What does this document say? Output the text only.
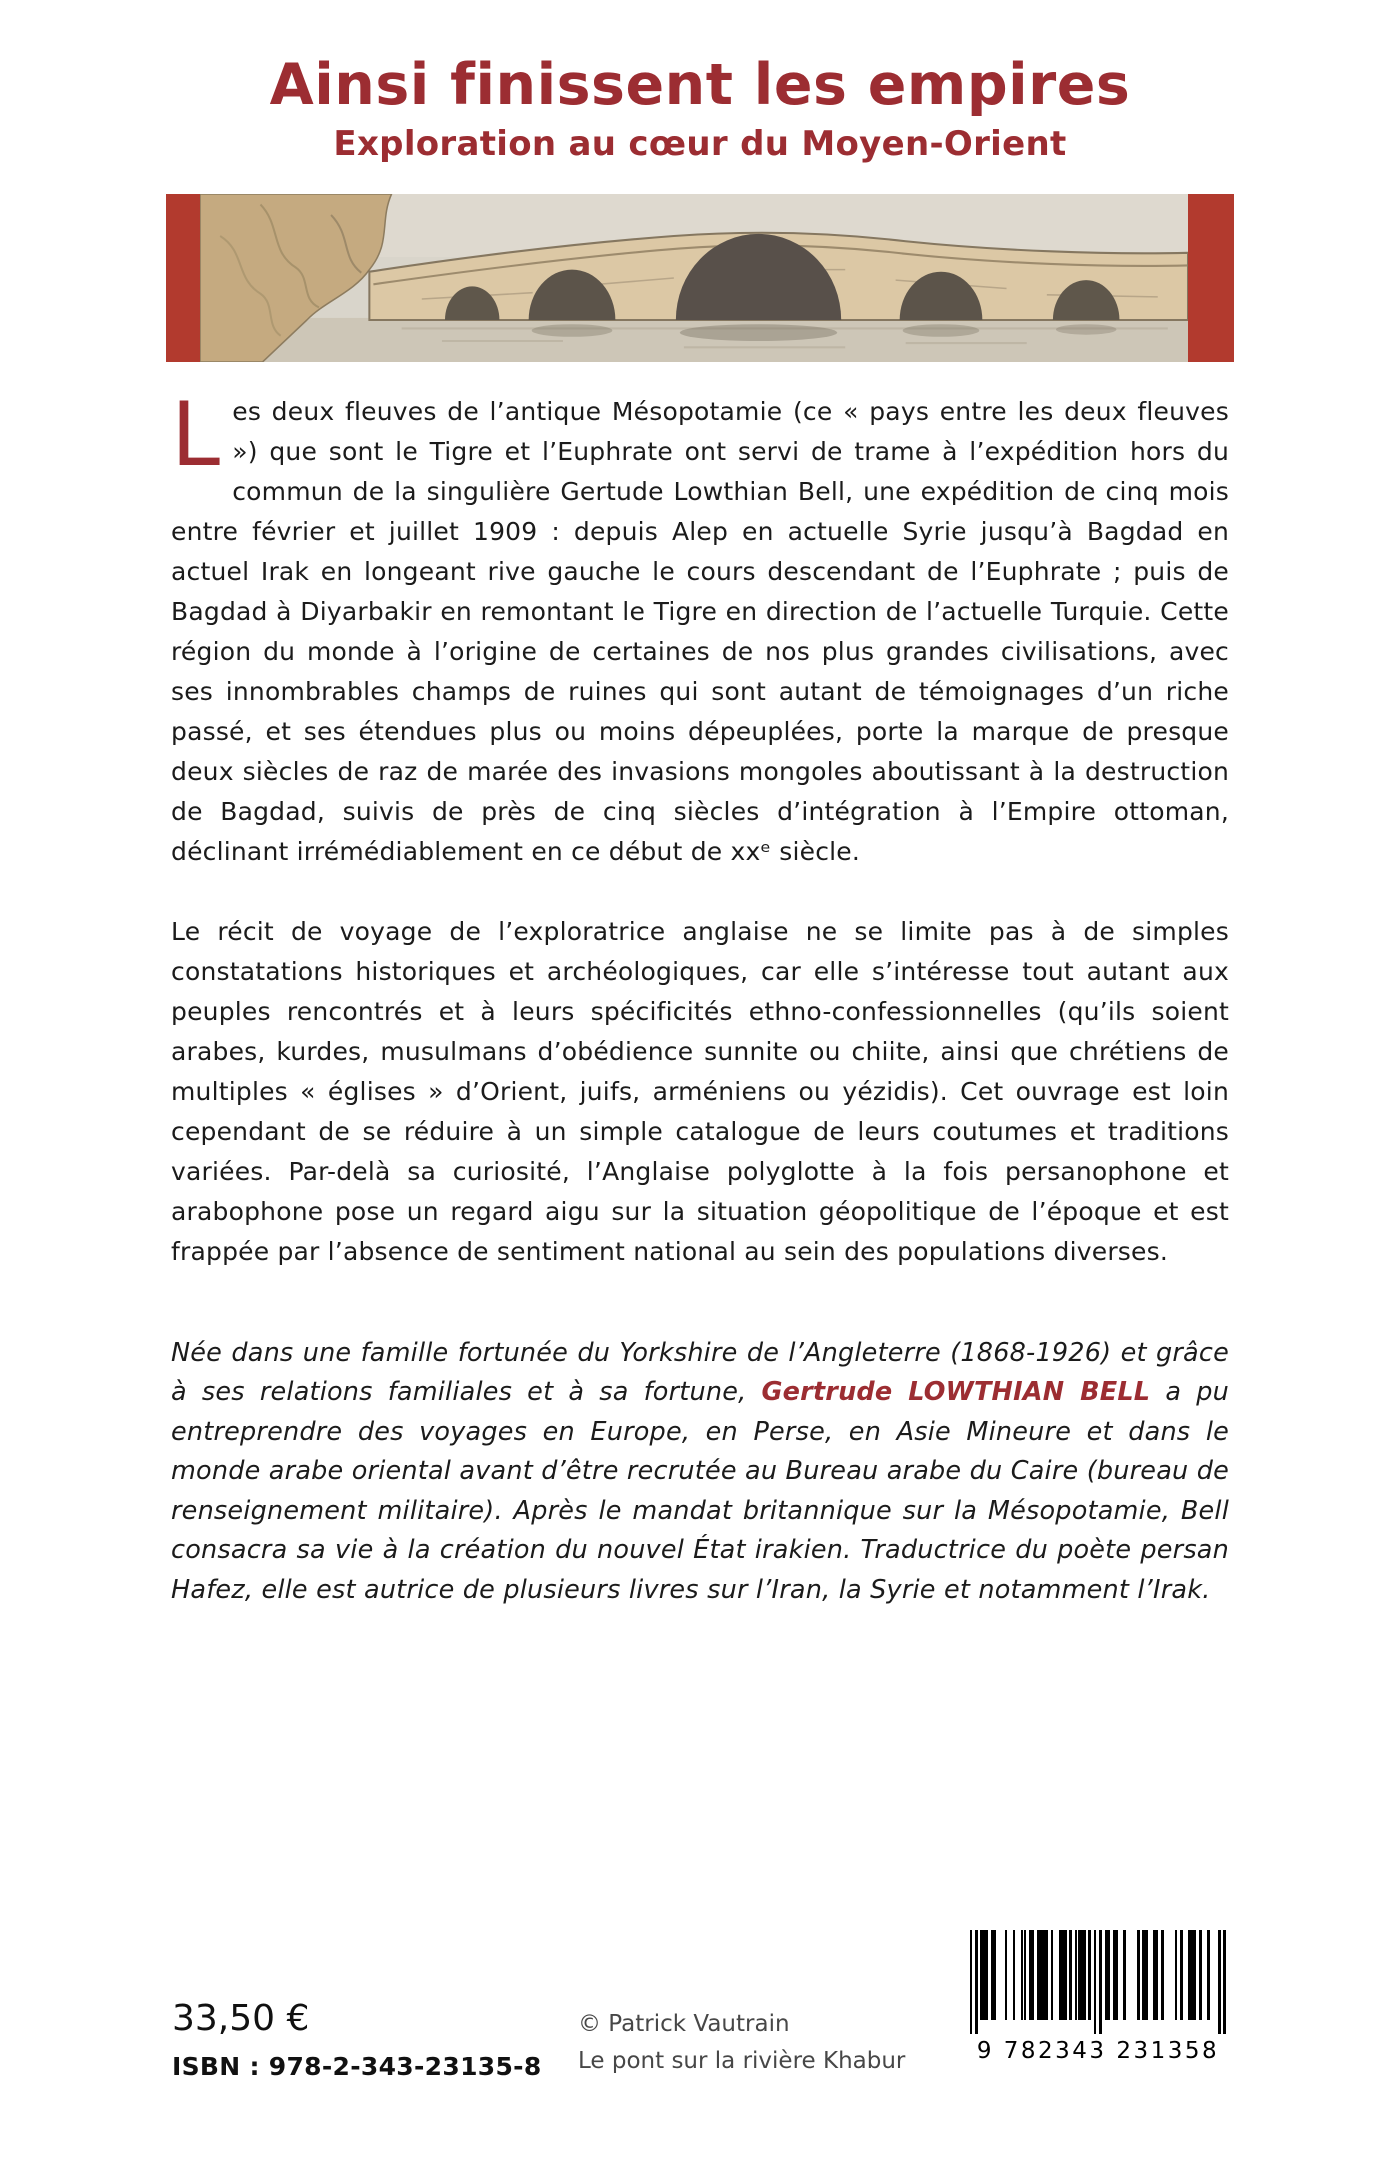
Ainsi finissent les empires
Exploration au cœur du Moyen-Orient

Les deux fleuves de l’antique Mésopotamie (ce « pays entre les deux fleuves ») que sont le Tigre et l’Euphrate ont servi de trame à l’expédition hors du commun de la singulière Gertude Lowthian Bell, une expédition de cinq mois entre février et juillet 1909 : depuis Alep en actuelle Syrie jusqu’à Bagdad en actuel Irak en longeant rive gauche le cours descendant de l’Euphrate ; puis de Bagdad à Diyarbakir en remontant le Tigre en direction de l’actuelle Turquie. Cette région du monde à l’origine de certaines de nos plus grandes civilisations, avec ses innombrables champs de ruines qui sont autant de témoignages d’un riche passé, et ses étendues plus ou moins dépeuplées, porte la marque de presque deux siècles de raz de marée des invasions mongoles aboutissant à la destruction de Bagdad, suivis de près de cinq siècles d’intégration à l’Empire ottoman, déclinant irrémédiablement en ce début de xxᵉ siècle.

Le récit de voyage de l’exploratrice anglaise ne se limite pas à de simples constatations historiques et archéologiques, car elle s’intéresse tout autant aux peuples rencontrés et à leurs spécificités ethno-confessionnelles (qu’ils soient arabes, kurdes, musulmans d’obédience sunnite ou chiite, ainsi que chrétiens de multiples « églises » d’Orient, juifs, arméniens ou yézidis). Cet ouvrage est loin cependant de se réduire à un simple catalogue de leurs coutumes et traditions variées. Par-delà sa curiosité, l’Anglaise polyglotte à la fois persanophone et arabophone pose un regard aigu sur la situation géopolitique de l’époque et est frappée par l’absence de sentiment national au sein des populations diverses.

Née dans une famille fortunée du Yorkshire de l’Angleterre (1868-1926) et grâce à ses relations familiales et à sa fortune, Gertrude LOWTHIAN BELL a pu entreprendre des voyages en Europe, en Perse, en Asie Mineure et dans le monde arabe oriental avant d’être recrutée au Bureau arabe du Caire (bureau de renseignement militaire). Après le mandat britannique sur la Mésopotamie, Bell consacra sa vie à la création du nouvel État irakien. Traductrice du poète persan Hafez, elle est autrice de plusieurs livres sur l’Iran, la Syrie et notamment l’Irak.

33,50 €
ISBN : 978-2-343-23135-8
© Patrick Vautrain
Le pont sur la rivière Khabur	9 782343 231358
